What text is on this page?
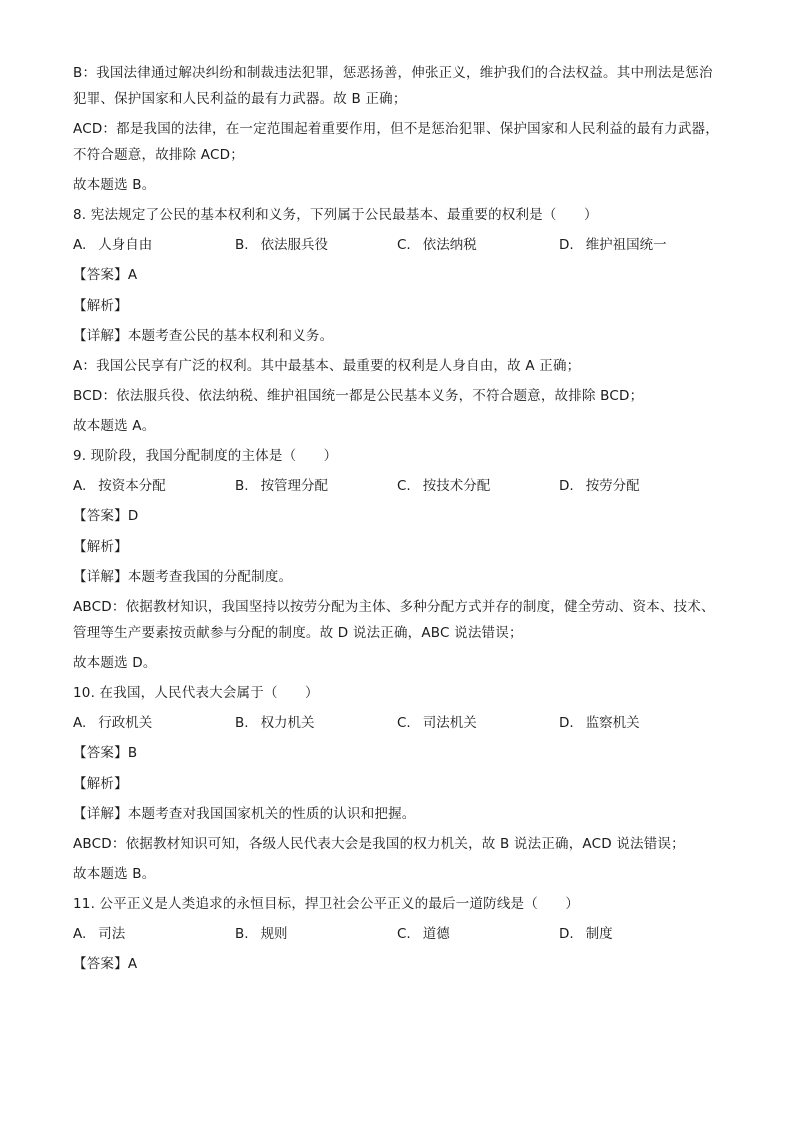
B：我国法律通过解决纠纷和制裁违法犯罪，惩恶扬善，伸张正义，维护我们的合法权益。其中刑法是惩治
犯罪、保护国家和人民利益的最有力武器。故 B 正确；
ACD：都是我国的法律，在一定范围起着重要作用，但不是惩治犯罪、保护国家和人民利益的最有力武器，
不符合题意，故排除 ACD；
故本题选 B。
8. 宪法规定了公民的基本权利和义务，下列属于公民最基本、最重要的权利是（　　）
A. 人身自由	B. 依法服兵役	C. 依法纳税	D. 维护祖国统一
【答案】A
【解析】
【详解】本题考查公民的基本权利和义务。
A：我国公民享有广泛的权利。其中最基本、最重要的权利是人身自由，故 A 正确；
BCD：依法服兵役、依法纳税、维护祖国统一都是公民基本义务，不符合题意，故排除 BCD；
故本题选 A。
9. 现阶段，我国分配制度的主体是（　　）
A. 按资本分配	B. 按管理分配	C. 按技术分配	D. 按劳分配
【答案】D
【解析】
【详解】本题考查我国的分配制度。
ABCD：依据教材知识，我国坚持以按劳分配为主体、多种分配方式并存的制度，健全劳动、资本、技术、
管理等生产要素按贡献参与分配的制度。故 D 说法正确，ABC 说法错误；
故本题选 D。
10. 在我国，人民代表大会属于（　　）
A. 行政机关	B. 权力机关	C. 司法机关	D. 监察机关
【答案】B
【解析】
【详解】本题考查对我国国家机关的性质的认识和把握。
ABCD：依据教材知识可知，各级人民代表大会是我国的权力机关，故 B 说法正确，ACD 说法错误；
故本题选 B。
11. 公平正义是人类追求的永恒目标，捍卫社会公平正义的最后一道防线是（　　）
A. 司法	B. 规则	C. 道德	D. 制度
【答案】A
